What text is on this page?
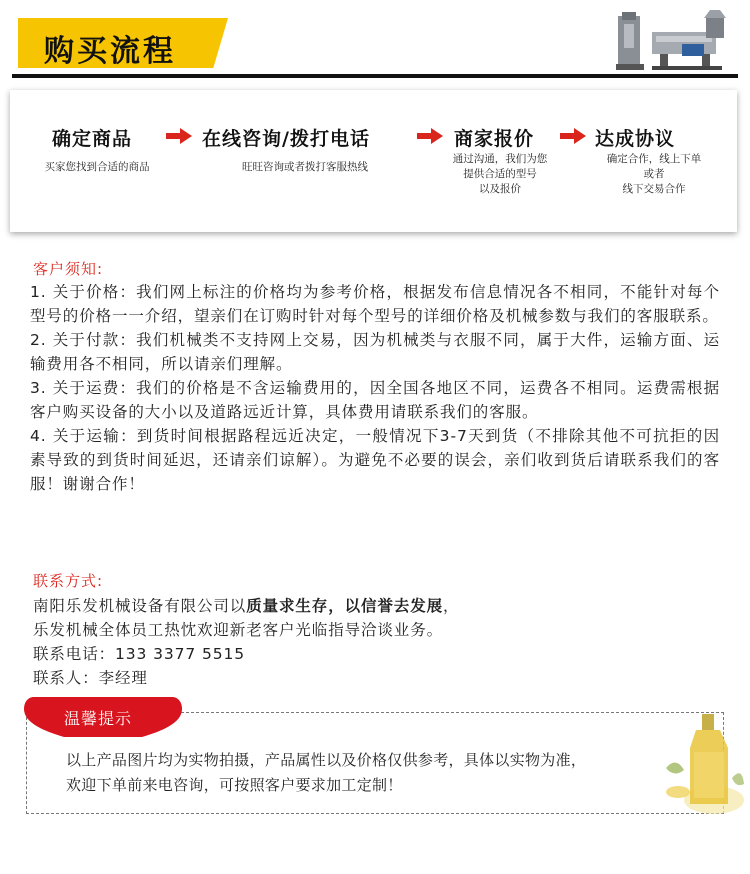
购买流程
确定商品	在线咨询/拨打电话	商家报价	达成协议
买家您找到合适的商品	旺旺咨询或者拨打客服热线
通过沟通，我们为您
提供合适的型号
以及报价
确定合作，线上下单
或者
线下交易合作
客户须知:

1. 关于价格：我们网上标注的价格均为参考价格，根据发布信息情况各不相同，不能针对每个型号的价格一一介绍，望亲们在订购时针对每个型号的详细价格及机械参数与我们的客服联系。

2. 关于付款：我们机械类不支持网上交易，因为机械类与衣服不同，属于大件，运输方面、运输费用各不相同，所以请亲们理解。

3. 关于运费：我们的价格是不含运输费用的，因全国各地区不同，运费各不相同。运费需根据客户购买设备的大小以及道路远近计算，具体费用请联系我们的客服。

4. 关于运输：到货时间根据路程远近决定，一般情况下3-7天到货（不排除其他不可抗拒的因素导致的到货时间延迟，还请亲们谅解）。为避免不必要的误会，亲们收到货后请联系我们的客服！谢谢合作！

联系方式:

南阳乐发机械设备有限公司以质量求生存，以信誉去发展，

乐发机械全体员工热忱欢迎新老客户光临指导洽谈业务。

联系电话：133 3377 5515

联系人：李经理

温馨提示

以上产品图片均为实物拍摄，产品属性以及价格仅供参考，具体以实物为准，

欢迎下单前来电咨询，可按照客户要求加工定制！
